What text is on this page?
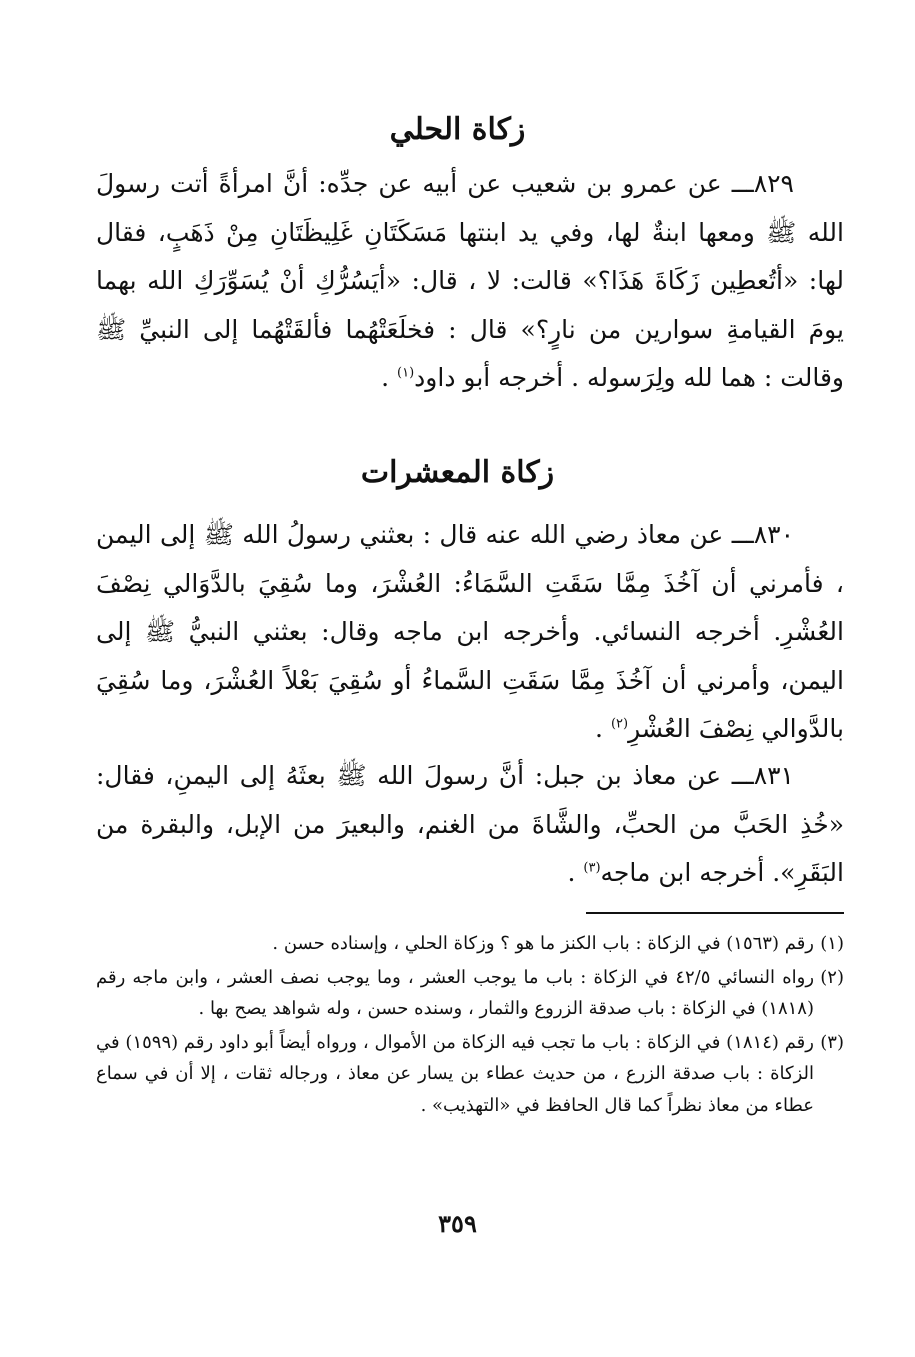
زكاة الحلي

٨٢٩ـــ عن عمرو بن شعيب عن أبيه عن جدِّه: أنَّ امرأةً أتت رسولَ الله ﷺ ومعها ابنةٌ لها، وفي يد ابنتها مَسَكَتَانِ غَلِيظَتَانِ مِنْ ذَهَبٍ، فقال لها: «أتُعطِين زَكَاةَ هَذَا؟» قالت: لا ، قال: «أيَسُرُّكِ أنْ يُسَوِّرَكِ الله بهما يومَ القيامةِ سوارين من نارٍ؟» قال : فخلَعَتْهُما فألقَتْهُما إلى النبيِّ ﷺ وقالت : هما لله ولِرَسوله . أخرجه أبو داود$^{(١)}$ .

زكاة المعشرات

٨٣٠ـــ عن معاذ رضي الله عنه قال : بعثني رسولُ الله ﷺ إلى اليمن ، فأمرني أن آخُذَ مِمَّا سَقَتِ السَّمَاءُ: العُشْرَ، وما سُقِيَ بالدَّوَالي نِصْفَ العُشْرِ. أخرجه النسائي. وأخرجه ابن ماجه وقال: بعثني النبيُّ ﷺ إلى اليمن، وأمرني أن آخُذَ مِمَّا سَقَتِ السَّماءُ أو سُقِيَ بَعْلاً العُشْرَ، وما سُقِيَ بالدَّوالي نِصْفَ العُشْرِ$^{(٢)}$ .

٨٣١ـــ عن معاذ بن جبل: أنَّ رسولَ الله ﷺ بعثَهُ إلى اليمنِ، فقال: «خُذِ الحَبَّ من الحبِّ، والشَّاةَ من الغنم، والبعيرَ من الإبل، والبقرة من البَقَرِ». أخرجه ابن ماجه$^{(٣)}$ .

(١)
رقم (١٥٦٣) في الزكاة : باب الكنز ما هو ؟ وزكاة الحلي ، وإسناده حسن .
(٢)
رواه النسائي ٤٢/٥ في الزكاة : باب ما يوجب العشر ، وما يوجب نصف العشر ، وابن ماجه رقم (١٨١٨) في الزكاة : باب صدقة الزروع والثمار ، وسنده حسن ، وله شواهد يصح بها .
(٣)
رقم (١٨١٤) في الزكاة : باب ما تجب فيه الزكاة من الأموال ، ورواه أيضاً أبو داود رقم (١٥٩٩) في الزكاة : باب صدقة الزرع ، من حديث عطاء بن يسار عن معاذ ، ورجاله ثقات ، إلا أن في سماع عطاء من معاذ نظراً كما قال الحافظ في «التهذيب» .
٣٥٩
